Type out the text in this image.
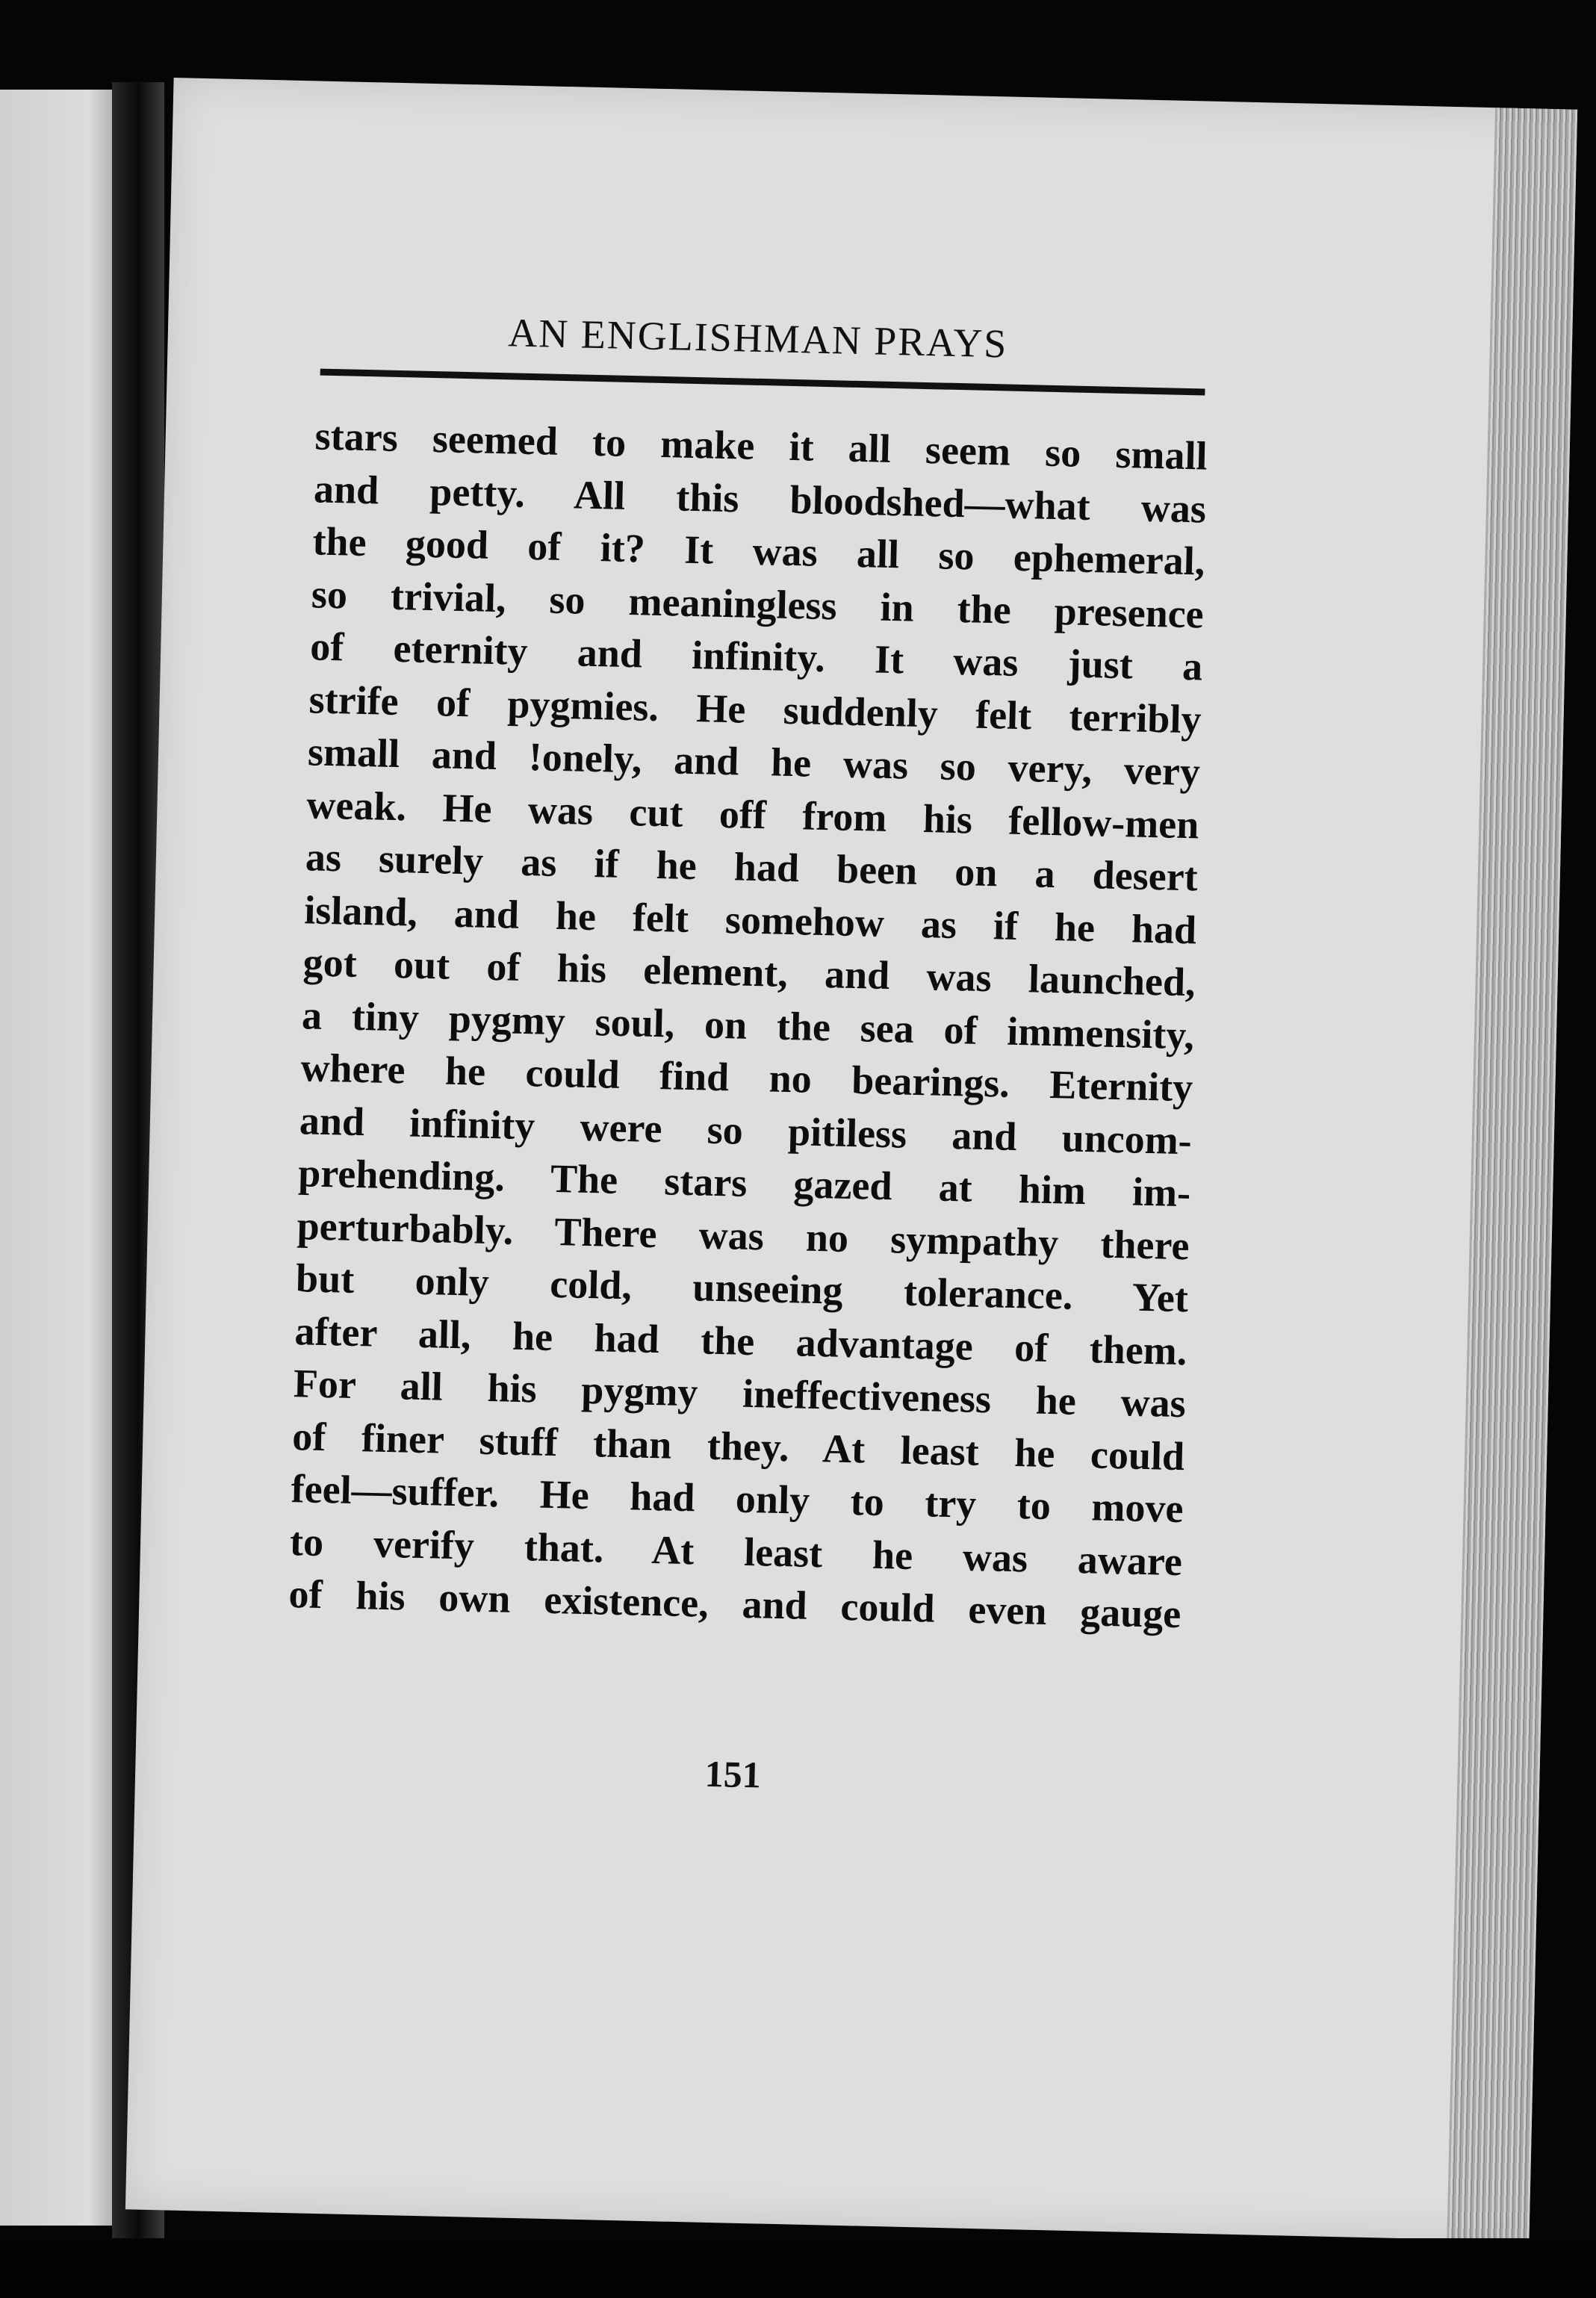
AN ENGLISHMAN PRAYS
stars seemed to make it all seem so small
and petty. All this bloodshed—what was
the good of it? It was all so ephemeral,
so trivial, so meaningless in the presence
of eternity and infinity. It was just a
strife of pygmies. He suddenly felt terribly
small and !onely, and he was so very, very
weak. He was cut off from his fellow-men
as surely as if he had been on a desert
island, and he felt somehow as if he had
got out of his element, and was launched,
a tiny pygmy soul, on the sea of immensity,
where he could find no bearings. Eternity
and infinity were so pitiless and uncom-
prehending. The stars gazed at him im-
perturbably. There was no sympathy there
but only cold, unseeing tolerance. Yet
after all, he had the advantage of them.
For all his pygmy ineffectiveness he was
of finer stuff than they. At least he could
feel—suffer. He had only to try to move
to verify that. At least he was aware
of his own existence, and could even gauge
151
